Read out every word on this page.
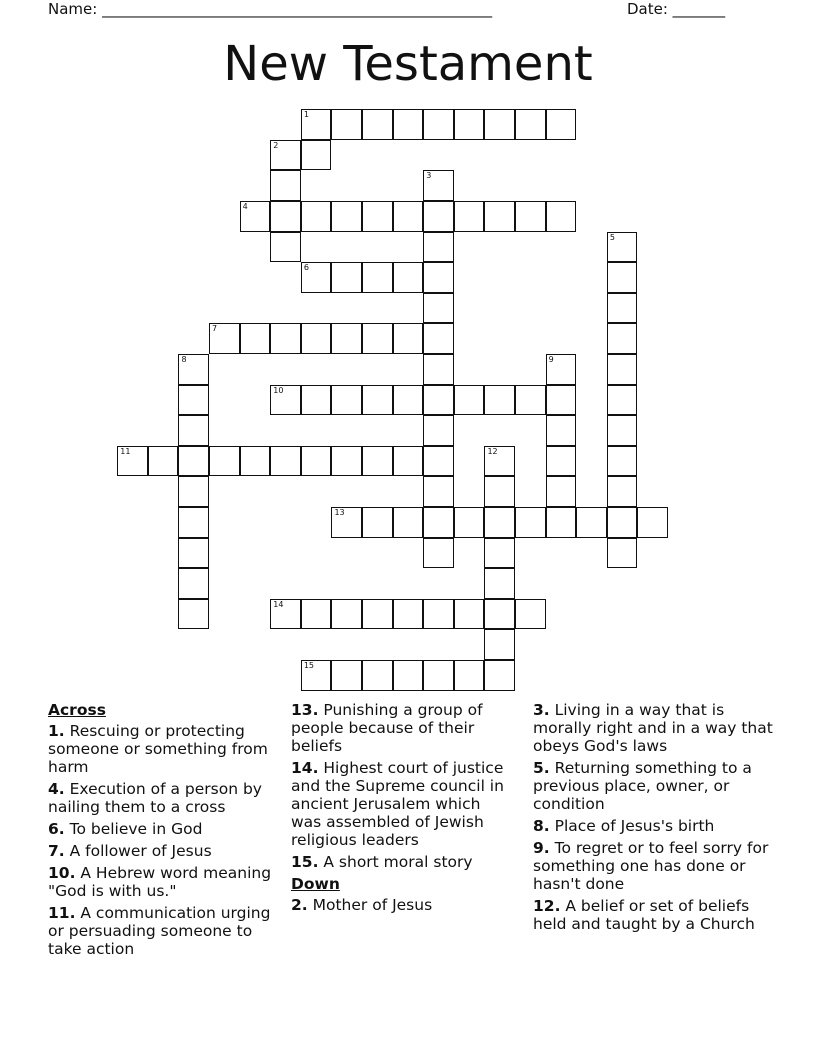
Name: ____________________________________________________	Date: _______
New Testament
1
2
3
4
5
6
7
8	9
10
11	12
13
14
15
Across
1. Rescuing or protecting someone or something from harm
4. Execution of a person by nailing them to a cross
6. To believe in God
7. A follower of Jesus
10. A Hebrew word meaning "God is with us."
11. A communication urging or persuading someone to take action
13. Punishing a group of people because of their beliefs
14. Highest court of justice and the Supreme council in ancient Jerusalem which was assembled of Jewish religious leaders
15. A short moral story
Down
2. Mother of Jesus
3. Living in a way that is morally right and in a way that obeys God's laws
5. Returning something to a previous place, owner, or condition
8. Place of Jesus's birth
9. To regret or to feel sorry for something one has done or hasn't done
12. A belief or set of beliefs held and taught by a Church
